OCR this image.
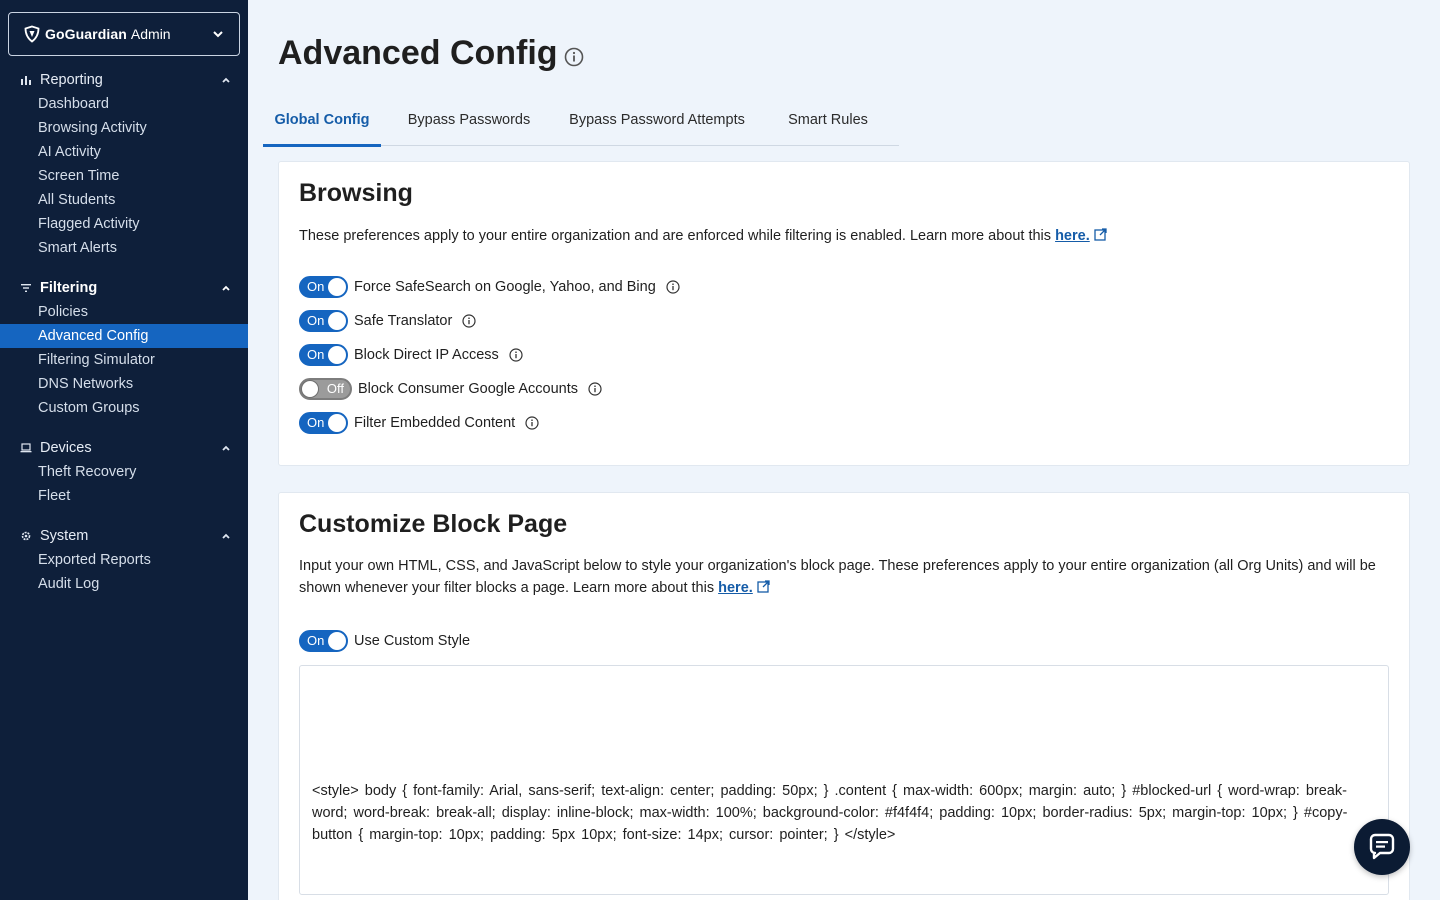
GoGuardian Admin
Reporting
Dashboard
Browsing Activity
AI Activity
Screen Time
All Students
Flagged Activity
Smart Alerts
Filtering
Policies
Advanced Config
Filtering Simulator
DNS Networks
Custom Groups
Devices
Theft Recovery
Fleet
System
Exported Reports
Audit Log
Advanced Config
Global Config	Bypass Passwords	Bypass Password Attempts	Smart Rules
Browsing
These preferences apply to your entire organization and are enforced while filtering is enabled. Learn more about this here.
On Force SafeSearch on Google, Yahoo, and Bing
On Safe Translator
On Block Direct IP Access
Off Block Consumer Google Accounts
On Filter Embedded Content
Customize Block Page
Input your own HTML, CSS, and JavaScript below to style your organization's block page. These preferences apply to your entire organization (all Org Units) and will be shown whenever your filter blocks a page. Learn more about this here.
On Use Custom Style
<style> body { font-family: Arial, sans-serif; text-align: center; padding: 50px; } .content { max-width: 600px; margin: auto; } #blocked-url { word-wrap: break-word; word-break: break-all; display: inline-block; max-width: 100%; background-color: #f4f4f4; padding: 10px; border-radius: 5px; margin-top: 10px; } #copy-button { margin-top: 10px; padding: 5px 10px; font-size: 14px; cursor: pointer; } </style>
